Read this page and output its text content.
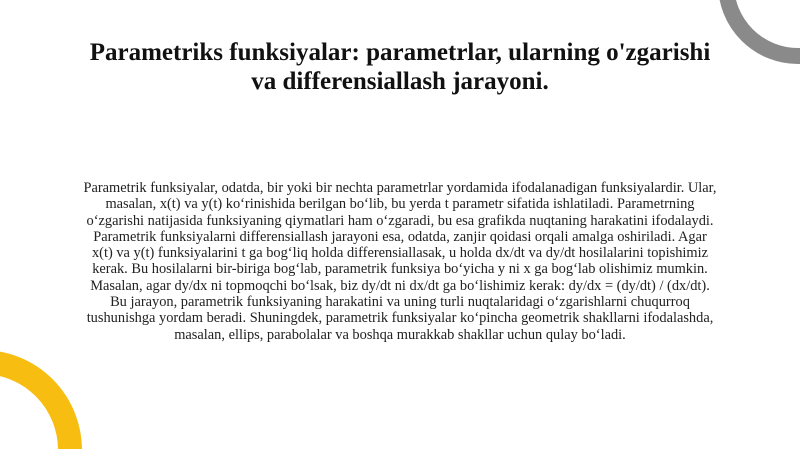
Parametriks funksiyalar: parametrlar, ularning o'zgarishi
va differensiallash jarayoni.
Parametrik funksiyalar, odatda, bir yoki bir nechta parametrlar yordamida ifodalanadigan funksiyalardir. Ular,
masalan, x(t) va y(t) ko‘rinishida berilgan bo‘lib, bu yerda t parametr sifatida ishlatiladi. Parametrning
o‘zgarishi natijasida funksiyaning qiymatlari ham o‘zgaradi, bu esa grafikda nuqtaning harakatini ifodalaydi.
Parametrik funksiyalarni differensiallash jarayoni esa, odatda, zanjir qoidasi orqali amalga oshiriladi. Agar
x(t) va y(t) funksiyalarini t ga bog‘liq holda differensiallasak, u holda dx/dt va dy/dt hosilalarini topishimiz
kerak. Bu hosilalarni bir-biriga bog‘lab, parametrik funksiya bo‘yicha y ni x ga bog‘lab olishimiz mumkin.
Masalan, agar dy/dx ni topmoqchi bo‘lsak, biz dy/dt ni dx/dt ga bo‘lishimiz kerak: dy/dx = (dy/dt) / (dx/dt).
Bu jarayon, parametrik funksiyaning harakatini va uning turli nuqtalaridagi o‘zgarishlarni chuqurroq
tushunishga yordam beradi. Shuningdek, parametrik funksiyalar ko‘pincha geometrik shakllarni ifodalashda,
masalan, ellips, parabolalar va boshqa murakkab shakllar uchun qulay bo‘ladi.
